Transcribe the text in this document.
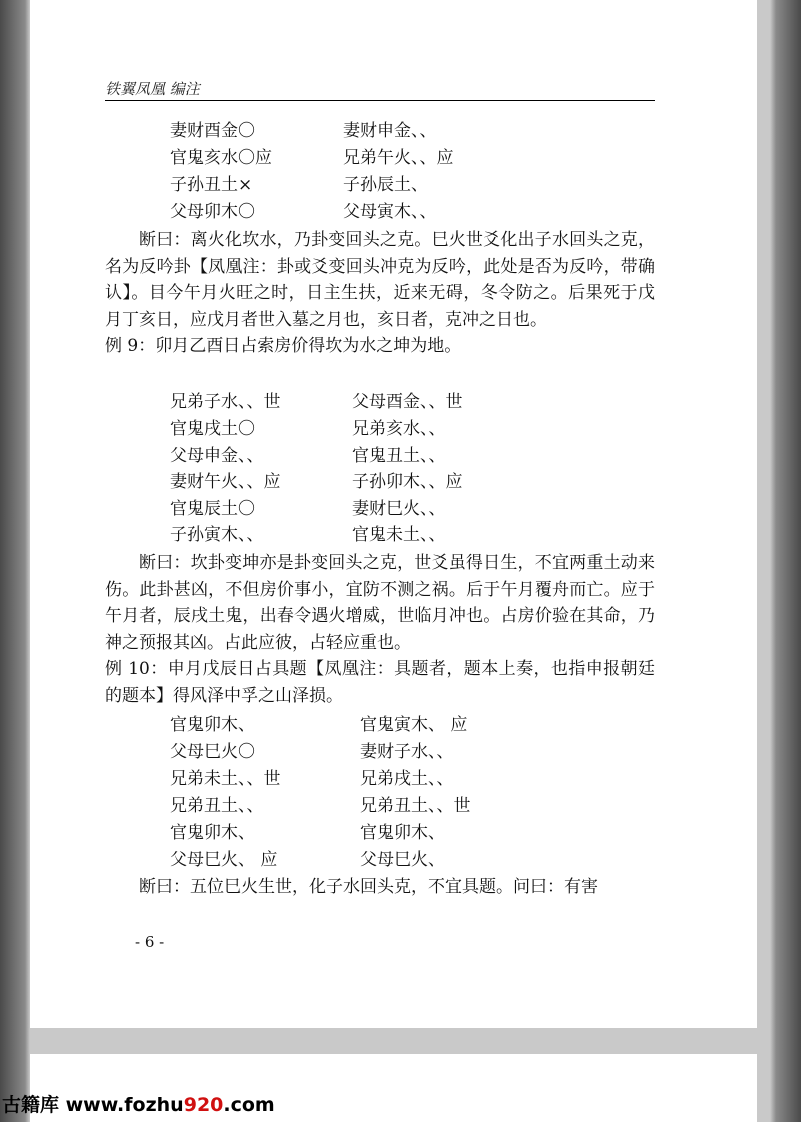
铁翼凤凰 编注
妻财酉金〇	妻财申金、、
官鬼亥水〇应	兄弟午火、、应
子孙丑土×	子孙辰土、
父母卯木〇	父母寅木、、

断曰：离火化坎水，乃卦变回头之克。巳火世爻化出子水回头之克，名为反吟卦【凤凰注：卦或爻变回头冲克为反吟，此处是否为反吟，带确认】。目今午月火旺之时，日主生扶，近来无碍，冬令防之。后果死于戊月丁亥日，应戊月者世入墓之月也，亥日者，克冲之日也。

例 9：卯月乙酉日占索房价得坎为水之坤为地。

兄弟子水、、世	父母酉金、、世
官鬼戌土〇	兄弟亥水、、
父母申金、、	官鬼丑土、、
妻财午火、、应	子孙卯木、、应
官鬼辰土〇	妻财巳火、、
子孙寅木、、	官鬼未土、、

断曰：坎卦变坤亦是卦变回头之克，世爻虽得日生，不宜两重土动来伤。此卦甚凶，不但房价事小，宜防不测之祸。后于午月覆舟而亡。应于午月者，辰戌土鬼，出春令遇火增威，世临月冲也。占房价验在其命，乃神之预报其凶。占此应彼，占轻应重也。

例 10：申月戊辰日占具题【凤凰注：具题者，题本上奏，也指申报朝廷的题本】得风泽中孚之山泽损。

官鬼卯木、	官鬼寅木、 应
父母巳火〇	妻财子水、、
兄弟未土、、世	兄弟戌土、、
兄弟丑土、、	兄弟丑土、、世
官鬼卯木、	官鬼卯木、
父母巳火、 应	父母巳火、

断曰：五位巳火生世，化子水回头克，不宜具题。问曰：有害

- 6 -
古籍库 www.fozhu920.com
